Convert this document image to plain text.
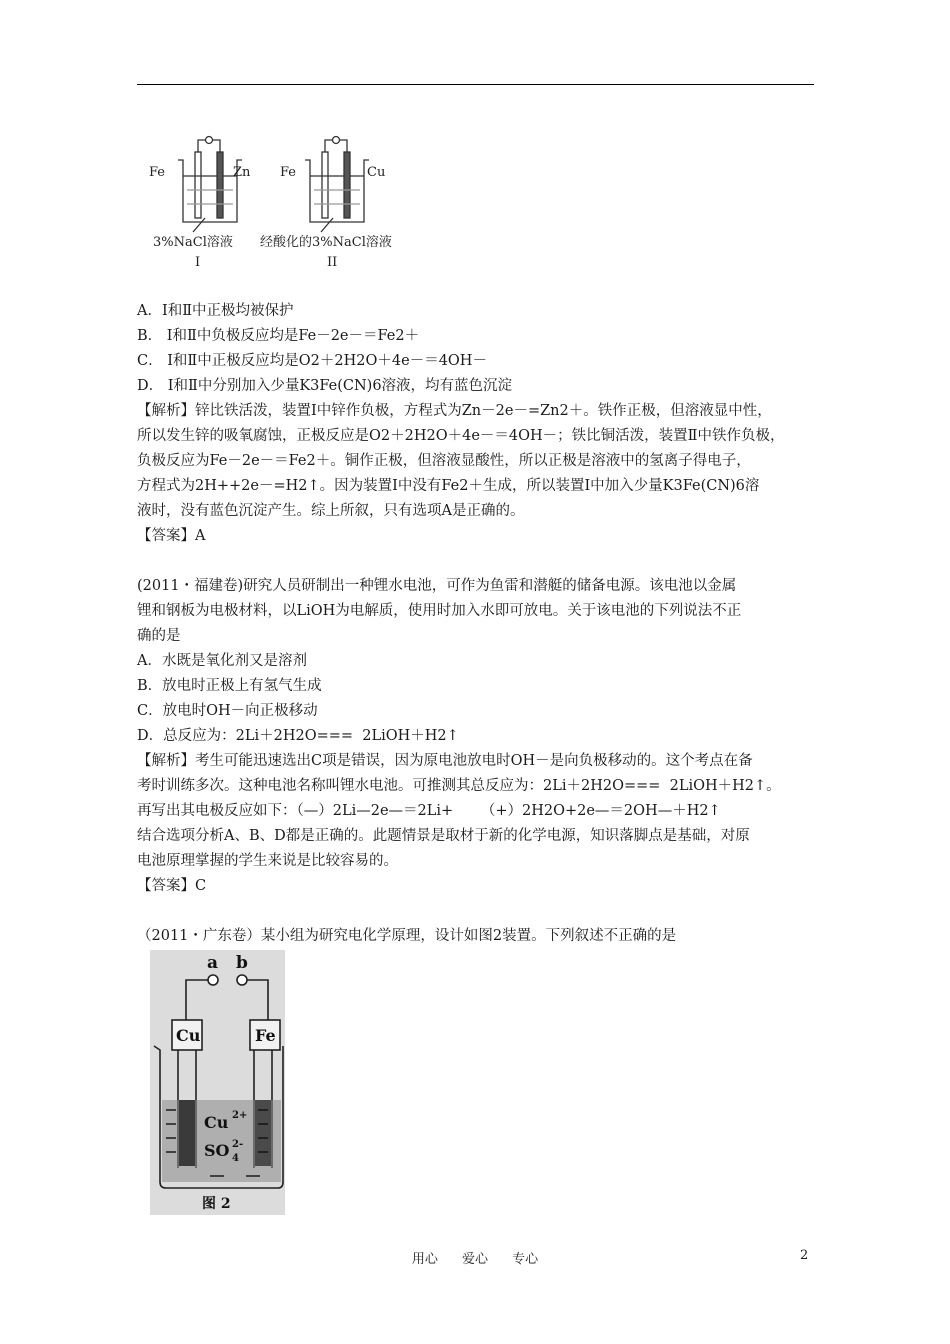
Fe	Zn
3%NaCl溶液
I
Fe	Cu
经酸化的3%NaCl溶液
II
A．Ⅰ和Ⅱ中正极均被保护
B． Ⅰ和Ⅱ中负极反应均是Fe－2e－＝Fe2＋
C． Ⅰ和Ⅱ中正极反应均是O2＋2H2O＋4e－＝4OH－
D． Ⅰ和Ⅱ中分别加入少量K3Fe(CN)6溶液，均有蓝色沉淀
【解析】锌比铁活泼，装置Ⅰ中锌作负极，方程式为Zn－2e－=Zn2＋。铁作正极，但溶液显中性，
所以发生锌的吸氧腐蚀，正极反应是O2＋2H2O＋4e－＝4OH－；铁比铜活泼，装置Ⅱ中铁作负极，
负极反应为Fe－2e－＝Fe2＋。铜作正极，但溶液显酸性，所以正极是溶液中的氢离子得电子，
方程式为2H++2e－=H2↑。因为装置Ⅰ中没有Fe2＋生成，所以装置Ⅰ中加入少量K3Fe(CN)6溶
液时，没有蓝色沉淀产生。综上所叙，只有选项A是正确的。
【答案】A
(2011・福建卷)研究人员研制出一种锂水电池，可作为鱼雷和潜艇的储备电源。该电池以金属
锂和钢板为电极材料，以LiOH为电解质，使用时加入水即可放电。关于该电池的下列说法不正
确的是
A．水既是氧化剂又是溶剂
B．放电时正极上有氢气生成
C．放电时OH－向正极移动
D．总反应为：2Li＋2H2O===  2LiOH＋H2↑
【解析】考生可能迅速选出C项是错误，因为原电池放电时OH－是向负极移动的。这个考点在备
考时训练多次。这种电池名称叫锂水电池。可推测其总反应为：2Li＋2H2O===  2LiOH＋H2↑。
再写出其电极反应如下：（—）2Li—2e—＝2Li+      （+）2H2O+2e—＝2OH—＋H2↑
结合选项分析A、B、D都是正确的。此题情景是取材于新的化学电源，知识落脚点是基础，对原
电池原理掌握的学生来说是比较容易的。
【答案】C
（2011・广东卷）某小组为研究电化学原理，设计如图2装置。下列叙述不正确的是
a b
Cu	Fe
Cu 2+
SO 4
2-
图 2
用心 爱心 专心	2
